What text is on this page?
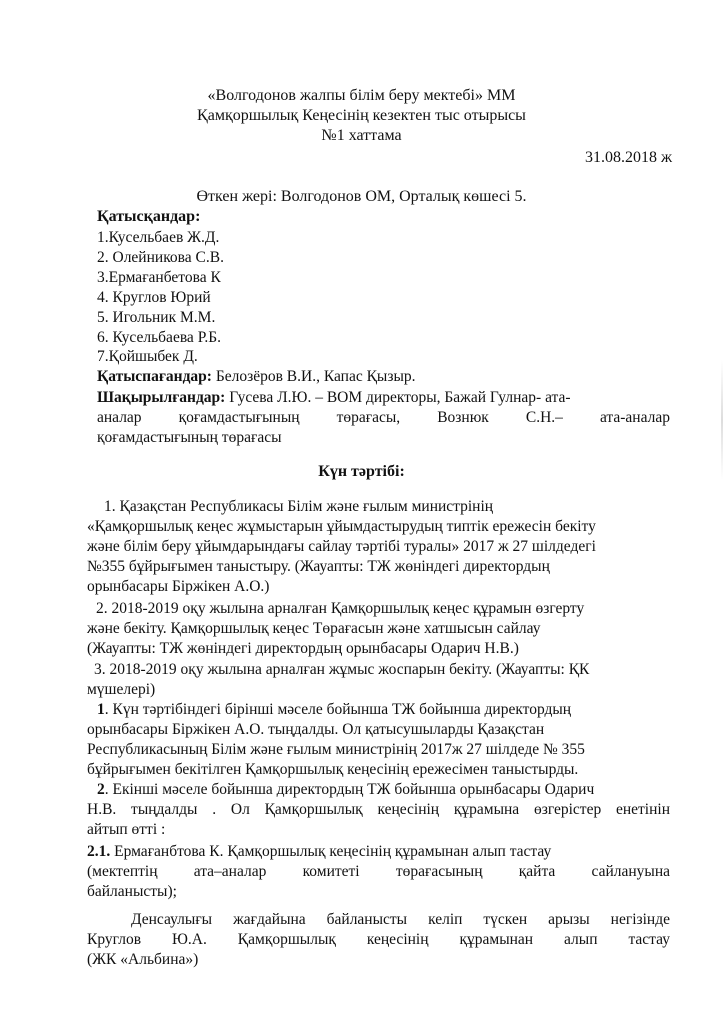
«Волгодонов жалпы білім беру мектебі» ММ
Қамқоршылық Кеңесінің кезектен тыс отырысы
№1 хаттама
31.08.2018 ж
Өткен жері: Волгодонов ОМ, Орталық көшесі 5.
Қатысқандар:
1.Кусельбаев Ж.Д.
2. Олейникова С.В.
3.Ермағанбетова К
4. Круглов Юрий
5. Игольник М.М.
6. Кусельбаева Р.Б.
7.Қойшыбек Д.
Қатыспағандар: Белозёров В.И., Капас Қызыр.
Шақырылғандар: Гусева Л.Ю. – ВОМ директоры, Бажай Гулнар- ата-
аналар қоғамдастығының төрағасы, Вознюк С.Н.– ата-аналар
қоғамдастығының төрағасы
Күн тәртібі:
1. Қазақстан Республикасы Білім және ғылым министрінің
«Қамқоршылық кеңес жұмыстарын ұйымдастырудың типтік ережесін бекіту
және білім беру ұйымдарындағы сайлау тәртібі туралы» 2017 ж 27 шілдедегі
№355 бұйрығымен таныстыру. (Жауапты: ТЖ жөніндегі директордың
орынбасары Біржікен А.О.)
2. 2018-2019 оқу жылына арналған Қамқоршылық кеңес құрамын өзгерту
және бекіту. Қамқоршылық кеңес Төрағасын және хатшысын сайлау
(Жауапты: ТЖ жөніндегі директордың орынбасары Одарич Н.В.)
3. 2018-2019 оқу жылына арналған жұмыс жоспарын бекіту. (Жауапты: ҚК
мүшелері)
1. Күн тәртібіндегі бірінші мәселе бойынша ТЖ бойынша директордың
орынбасары Біржікен А.О. тыңдалды. Ол қатысушыларды Қазақстан
Республикасының Білім және ғылым министрінің 2017ж 27 шілдеде № 355
бұйрығымен бекітілген Қамқоршылық кеңесінің ережесімен таныстырды.
2. Екінші мәселе бойынша директордың ТЖ бойынша орынбасары Одарич
Н.В. тыңдалды . Ол Қамқоршылық кеңесінің құрамына өзгерістер енетінін
айтып өтті :
2.1. Ермағанбтова К. Қамқоршылық кеңесінің құрамынан алып тастау
(мектептің ата–аналар комитеті төрағасының қайта сайлануына
байланысты);
Денсаулығы жағдайына байланысты келіп түскен арызы негізінде
Круглов Ю.А. Қамқоршылық кеңесінің құрамынан алып тастау
(ЖК «Альбина»)
